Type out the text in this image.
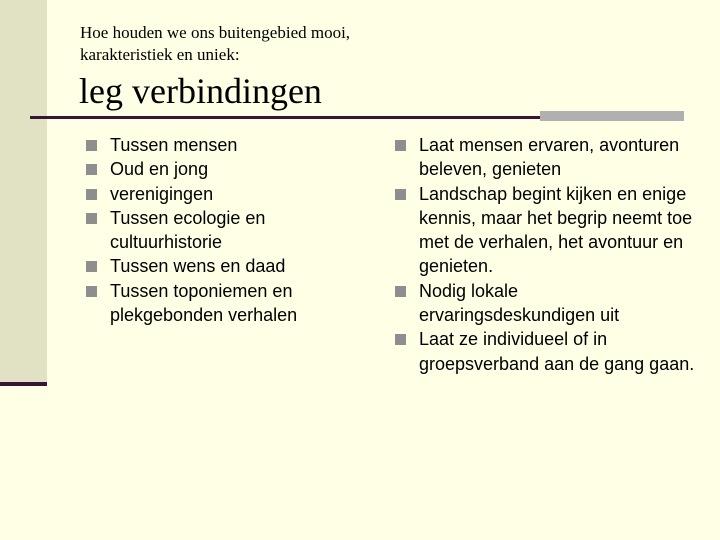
Hoe houden we ons buitengebied mooi, karakteristiek en uniek:
leg verbindingen
Tussen mensen
Oud en jong
verenigingen
Tussen ecologie en cultuurhistorie
Tussen wens en daad
Tussen toponiemen en plekgebonden verhalen
Laat mensen ervaren, avonturen beleven, genieten
Landschap begint kijken en enige kennis, maar het begrip neemt toe met de verhalen, het avontuur en genieten.
Nodig lokale ervaringsdeskundigen uit
Laat ze individueel of in groepsverband aan de gang gaan.
